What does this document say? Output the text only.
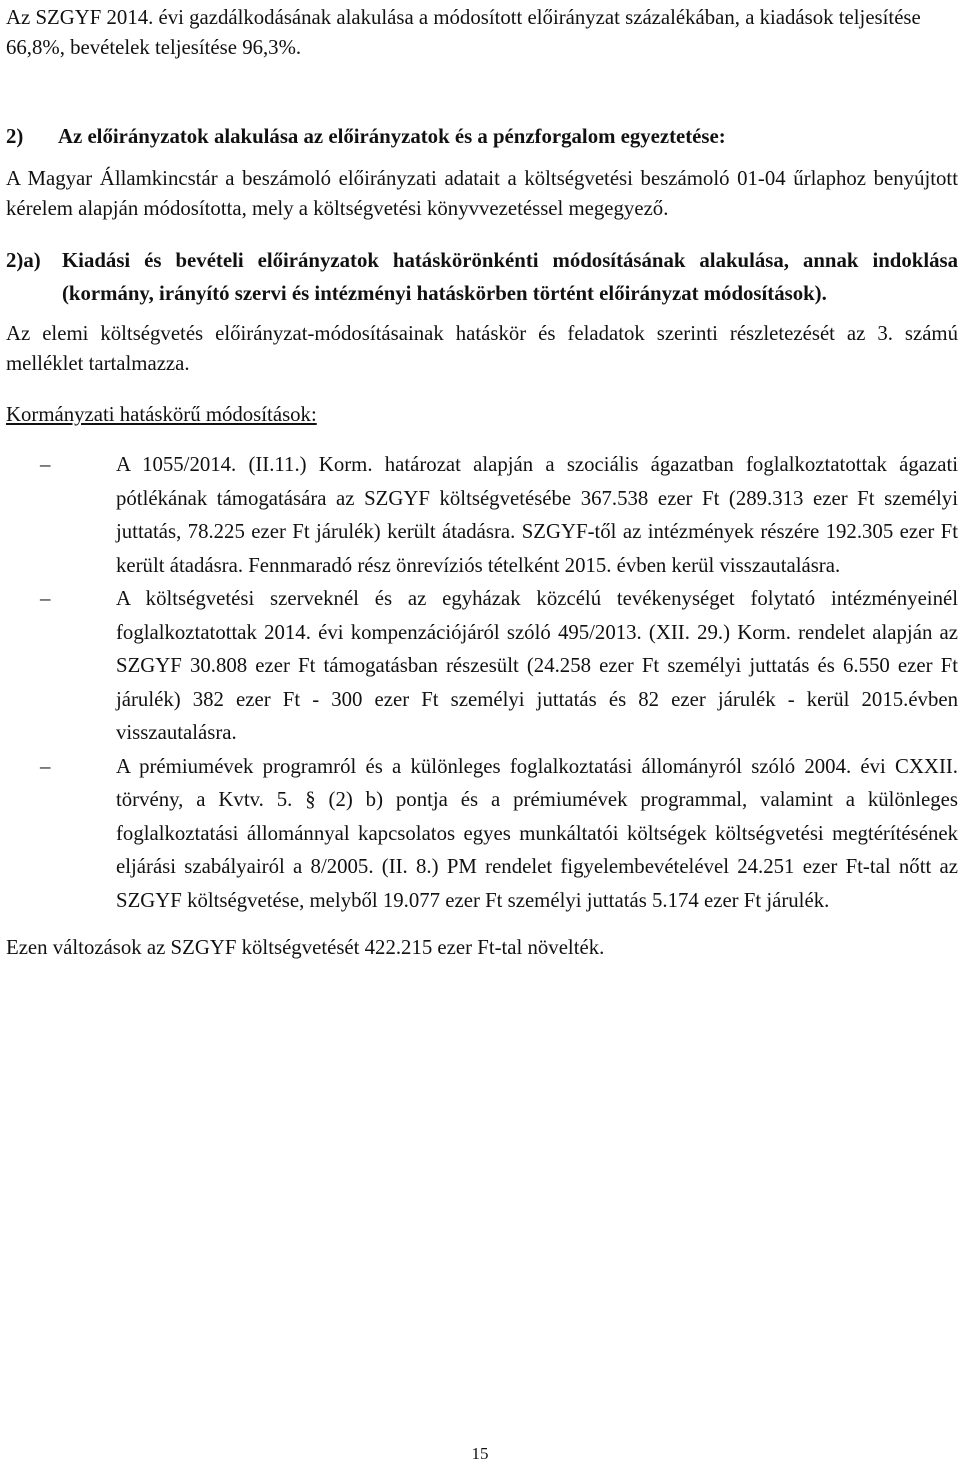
Az SZGYF 2014. évi gazdálkodásának alakulása a módosított előirányzat százalékában, a kiadások teljesítése 66,8%, bevételek teljesítése 96,3%.

2) Az előirányzatok alakulása az előirányzatok és a pénzforgalom egyeztetése:

A Magyar Államkincstár a beszámoló előirányzati adatait a költségvetési beszámoló 01-04 űrlaphoz benyújtott kérelem alapján módosította, mely a költségvetési könyvvezetéssel megegyező.

2)a) Kiadási és bevételi előirányzatok hatáskörönkénti módosításának alakulása, annak indoklása (kormány, irányító szervi és intézményi hatáskörben történt előirányzat módosítások).

Az elemi költségvetés előirányzat-módosításainak hatáskör és feladatok szerinti részletezését az 3. számú melléklet tartalmazza.

Kormányzati hatáskörű módosítások:

–	A 1055/2014. (II.11.) Korm. határozat alapján a szociális ágazatban foglalkoztatottak ágazati pótlékának támogatására az SZGYF költségvetésébe 367.538 ezer Ft (289.313 ezer Ft személyi juttatás, 78.225 ezer Ft járulék) került átadásra. SZGYF-től az intézmények részére 192.305 ezer Ft került átadásra. Fennmaradó rész önrevíziós tételként 2015. évben kerül visszautalásra.
–	A költségvetési szerveknél és az egyházak közcélú tevékenységet folytató intézményeinél foglalkoztatottak 2014. évi kompenzációjáról szóló 495/2013. (XII. 29.) Korm. rendelet alapján az SZGYF 30.808 ezer Ft támogatásban részesült (24.258 ezer Ft személyi juttatás és 6.550 ezer Ft járulék) 382 ezer Ft - 300 ezer Ft személyi juttatás és 82 ezer járulék - kerül 2015.évben visszautalásra.
–	A prémiumévek programról és a különleges foglalkoztatási állományról szóló 2004. évi CXXII. törvény, a Kvtv. 5. § (2) b) pontja és a prémiumévek programmal, valamint a különleges foglalkoztatási állománnyal kapcsolatos egyes munkáltatói költségek költségvetési megtérítésének eljárási szabályairól a 8/2005. (II. 8.) PM rendelet figyelembevételével 24.251 ezer Ft-tal nőtt az SZGYF költségvetése, melyből 19.077 ezer Ft személyi juttatás 5.174 ezer Ft járulék.

Ezen változások az SZGYF költségvetését 422.215 ezer Ft-tal növelték.

15
